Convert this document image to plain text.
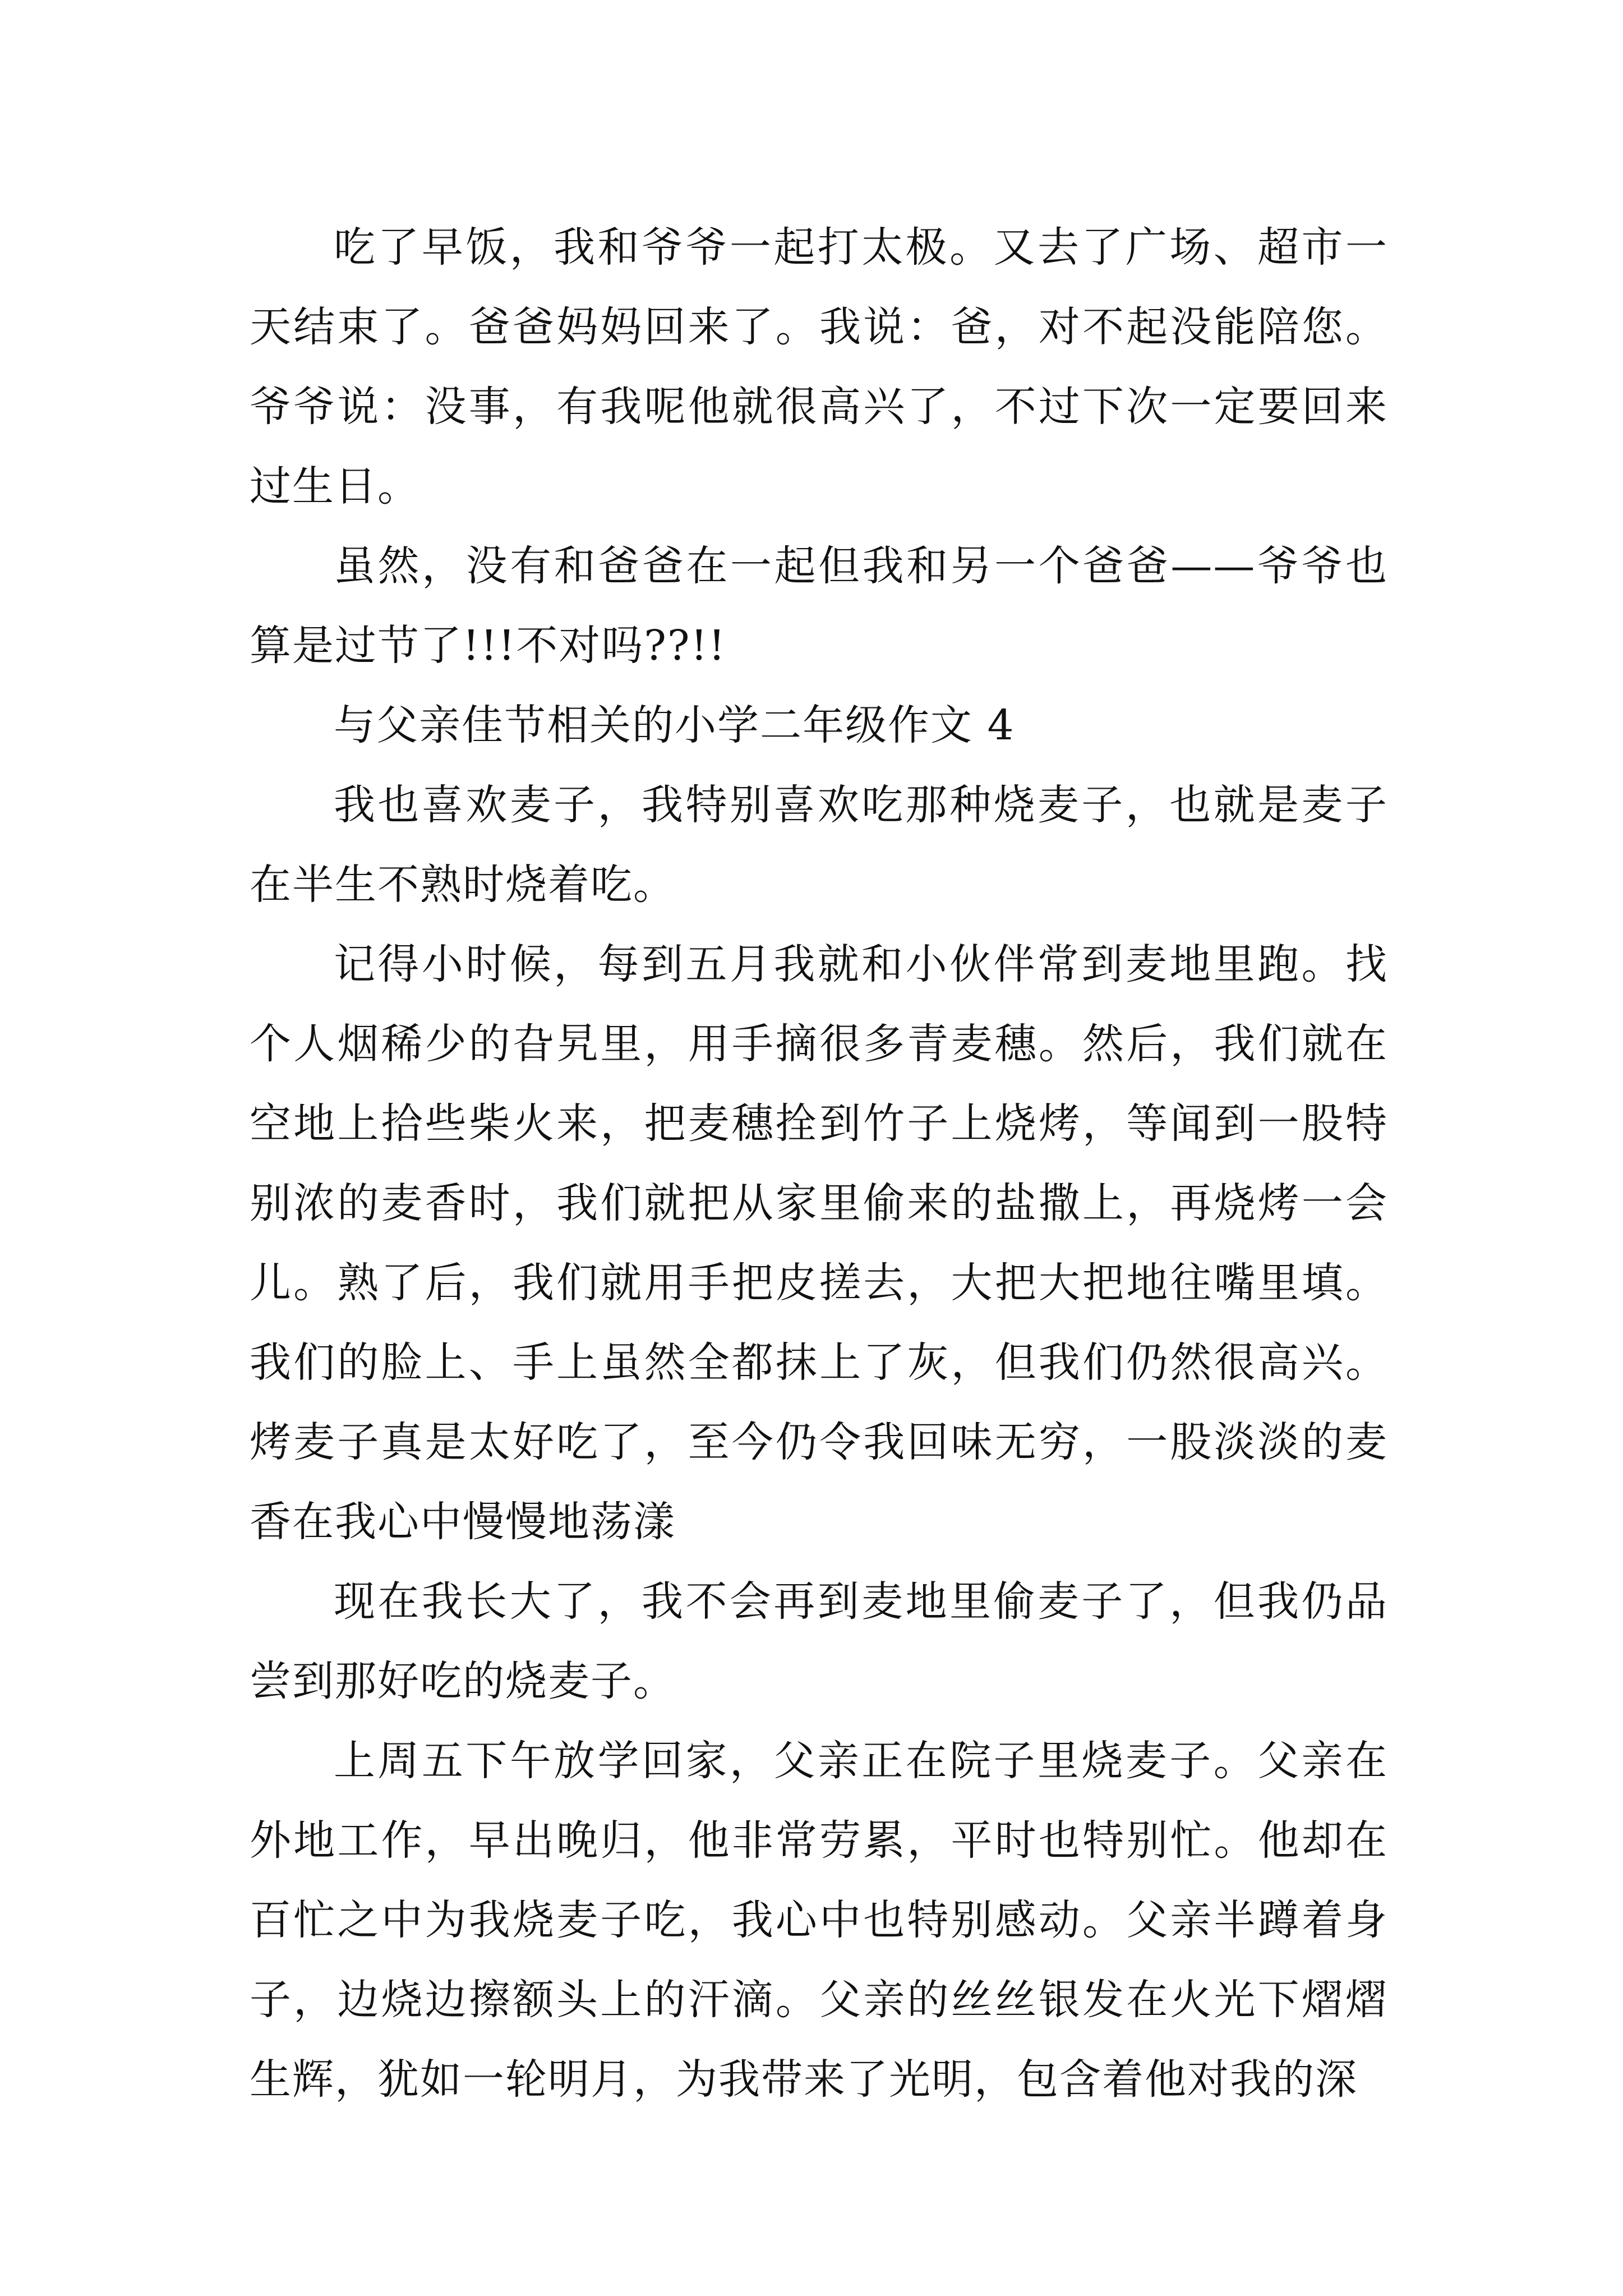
吃了早饭，我和爷爷一起打太极。又去了广场、超市一天结束了。爸爸妈妈回来了。我说：爸，对不起没能陪您。爷爷说：没事，有我呢他就很高兴了，不过下次一定要回来过生日。

虽然，没有和爸爸在一起但我和另一个爸爸——爷爷也算是过节了!!!不对吗??!!

与父亲佳节相关的小学二年级作文 4

我也喜欢麦子，我特别喜欢吃那种烧麦子，也就是麦子在半生不熟时烧着吃。

记得小时候，每到五月我就和小伙伴常到麦地里跑。找个人烟稀少的旮旯里，用手摘很多青麦穗。然后，我们就在空地上拾些柴火来，把麦穗拴到竹子上烧烤，等闻到一股特别浓的麦香时，我们就把从家里偷来的盐撒上，再烧烤一会儿。熟了后，我们就用手把皮搓去，大把大把地往嘴里填。我们的脸上、手上虽然全都抹上了灰，但我们仍然很高兴。烤麦子真是太好吃了，至今仍令我回味无穷，一股淡淡的麦香在我心中慢慢地荡漾

现在我长大了，我不会再到麦地里偷麦子了，但我仍品尝到那好吃的烧麦子。

上周五下午放学回家，父亲正在院子里烧麦子。父亲在外地工作，早出晚归，他非常劳累，平时也特别忙。他却在百忙之中为我烧麦子吃，我心中也特别感动。父亲半蹲着身子，边烧边擦额头上的汗滴。父亲的丝丝银发在火光下熠熠生辉，犹如一轮明月，为我带来了光明，包含着他对我的深
